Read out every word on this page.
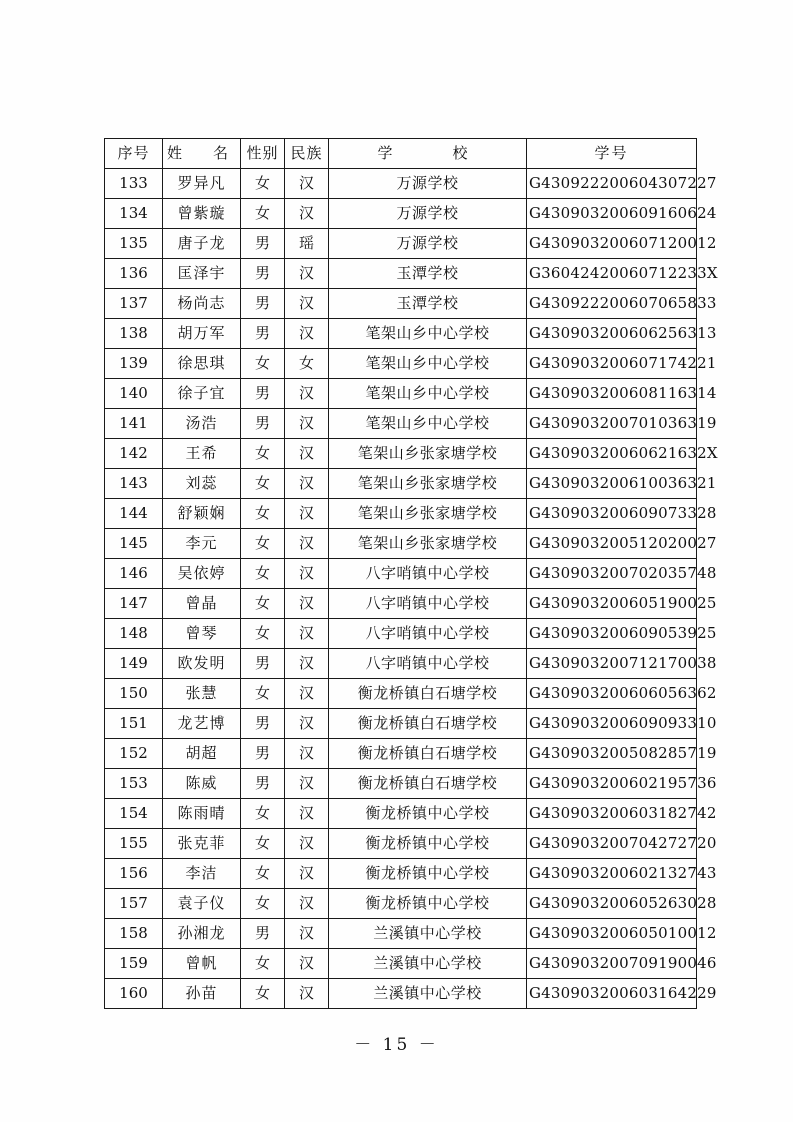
序号	姓　名	性别	民族	学　　校	学号
133	罗异凡	女	汉	万源学校	G430922200604307227
134	曾紫璇	女	汉	万源学校	G430903200609160624
135	唐子龙	男	瑶	万源学校	G430903200607120012
136	匡泽宇	男	汉	玉潭学校	G36042420060712233X
137	杨尚志	男	汉	玉潭学校	G430922200607065833
138	胡万军	男	汉	笔架山乡中心学校	G430903200606256313
139	徐思琪	女	女	笔架山乡中心学校	G430903200607174221
140	徐子宜	男	汉	笔架山乡中心学校	G430903200608116314
141	汤浩	男	汉	笔架山乡中心学校	G430903200701036319
142	王希	女	汉	笔架山乡张家塘学校	G43090320060621632X
143	刘蕊	女	汉	笔架山乡张家塘学校	G430903200610036321
144	舒颖娴	女	汉	笔架山乡张家塘学校	G430903200609073328
145	李元	女	汉	笔架山乡张家塘学校	G430903200512020027
146	吴依婷	女	汉	八字哨镇中心学校	G430903200702035748
147	曾晶	女	汉	八字哨镇中心学校	G430903200605190025
148	曾琴	女	汉	八字哨镇中心学校	G430903200609053925
149	欧发明	男	汉	八字哨镇中心学校	G430903200712170038
150	张慧	女	汉	衡龙桥镇白石塘学校	G430903200606056362
151	龙艺博	男	汉	衡龙桥镇白石塘学校	G430903200609093310
152	胡超	男	汉	衡龙桥镇白石塘学校	G430903200508285719
153	陈威	男	汉	衡龙桥镇白石塘学校	G430903200602195736
154	陈雨晴	女	汉	衡龙桥镇中心学校	G430903200603182742
155	张克菲	女	汉	衡龙桥镇中心学校	G430903200704272720
156	李洁	女	汉	衡龙桥镇中心学校	G430903200602132743
157	袁子仪	女	汉	衡龙桥镇中心学校	G430903200605263028
158	孙湘龙	男	汉	兰溪镇中心学校	G430903200605010012
159	曾帆	女	汉	兰溪镇中心学校	G430903200709190046
160	孙苗	女	汉	兰溪镇中心学校	G430903200603164229
－ 15 －
